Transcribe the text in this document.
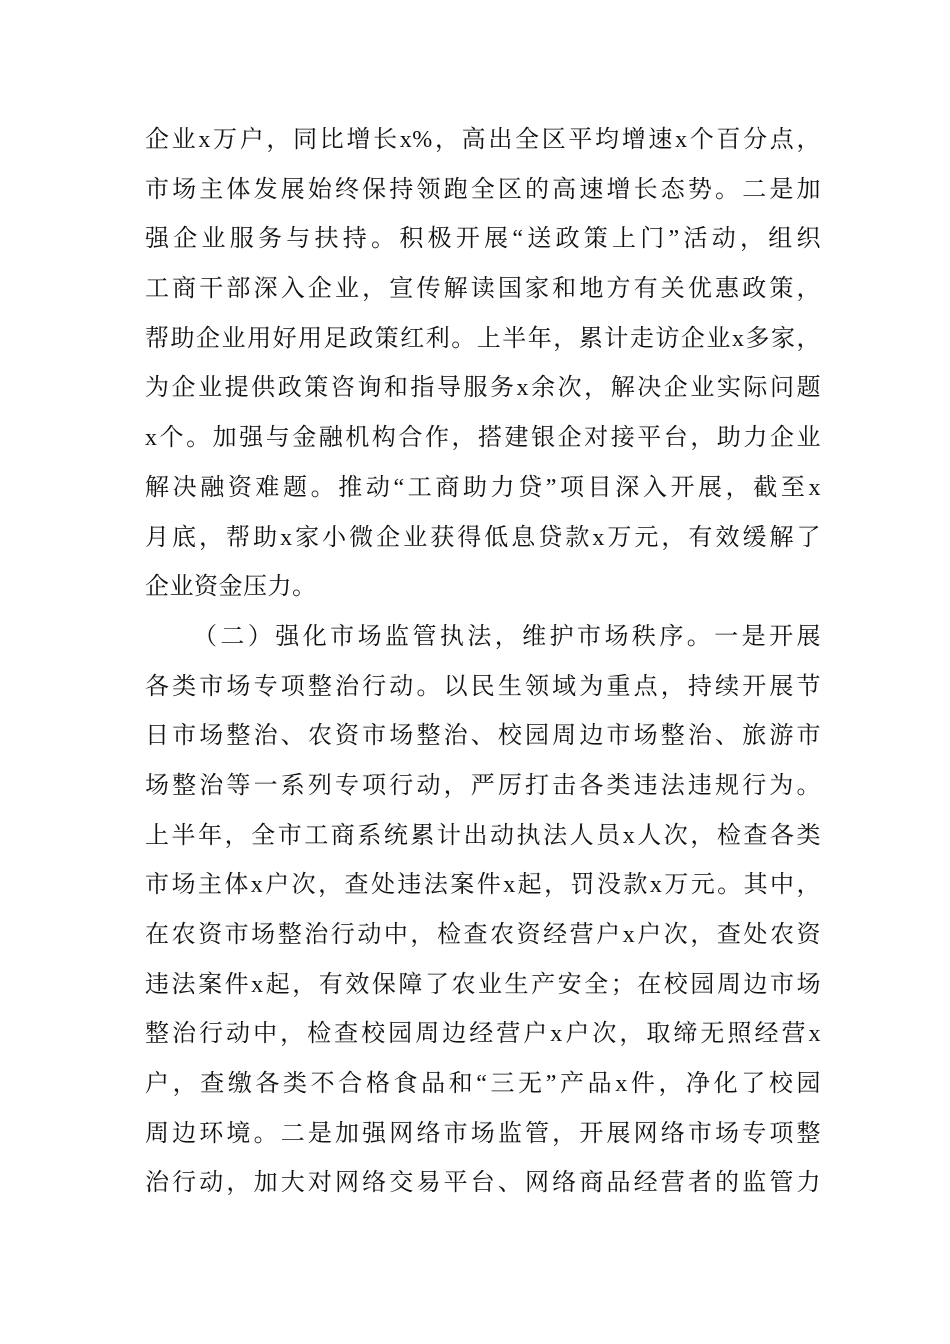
企业x万户，同比增长x%，高出全区平均增速x个百分点，
市场主体发展始终保持领跑全区的高速增长态势。二是加
强企业服务与扶持。积极开展“送政策上门”活动，组织
工商干部深入企业，宣传解读国家和地方有关优惠政策，
帮助企业用好用足政策红利。上半年，累计走访企业x多家，
为企业提供政策咨询和指导服务x余次，解决企业实际问题
x个。加强与金融机构合作，搭建银企对接平台，助力企业
解决融资难题。推动“工商助力贷”项目深入开展，截至x
月底，帮助x家小微企业获得低息贷款x万元，有效缓解了
企业资金压力。
（二）强化市场监管执法，维护市场秩序。一是开展
各类市场专项整治行动。以民生领域为重点，持续开展节
日市场整治、农资市场整治、校园周边市场整治、旅游市
场整治等一系列专项行动，严厉打击各类违法违规行为。
上半年，全市工商系统累计出动执法人员x人次，检查各类
市场主体x户次，查处违法案件x起，罚没款x万元。其中，
在农资市场整治行动中，检查农资经营户x户次，查处农资
违法案件x起，有效保障了农业生产安全；在校园周边市场
整治行动中，检查校园周边经营户x户次，取缔无照经营x
户，查缴各类不合格食品和“三无”产品x件，净化了校园
周边环境。二是加强网络市场监管，开展网络市场专项整
治行动，加大对网络交易平台、网络商品经营者的监管力
